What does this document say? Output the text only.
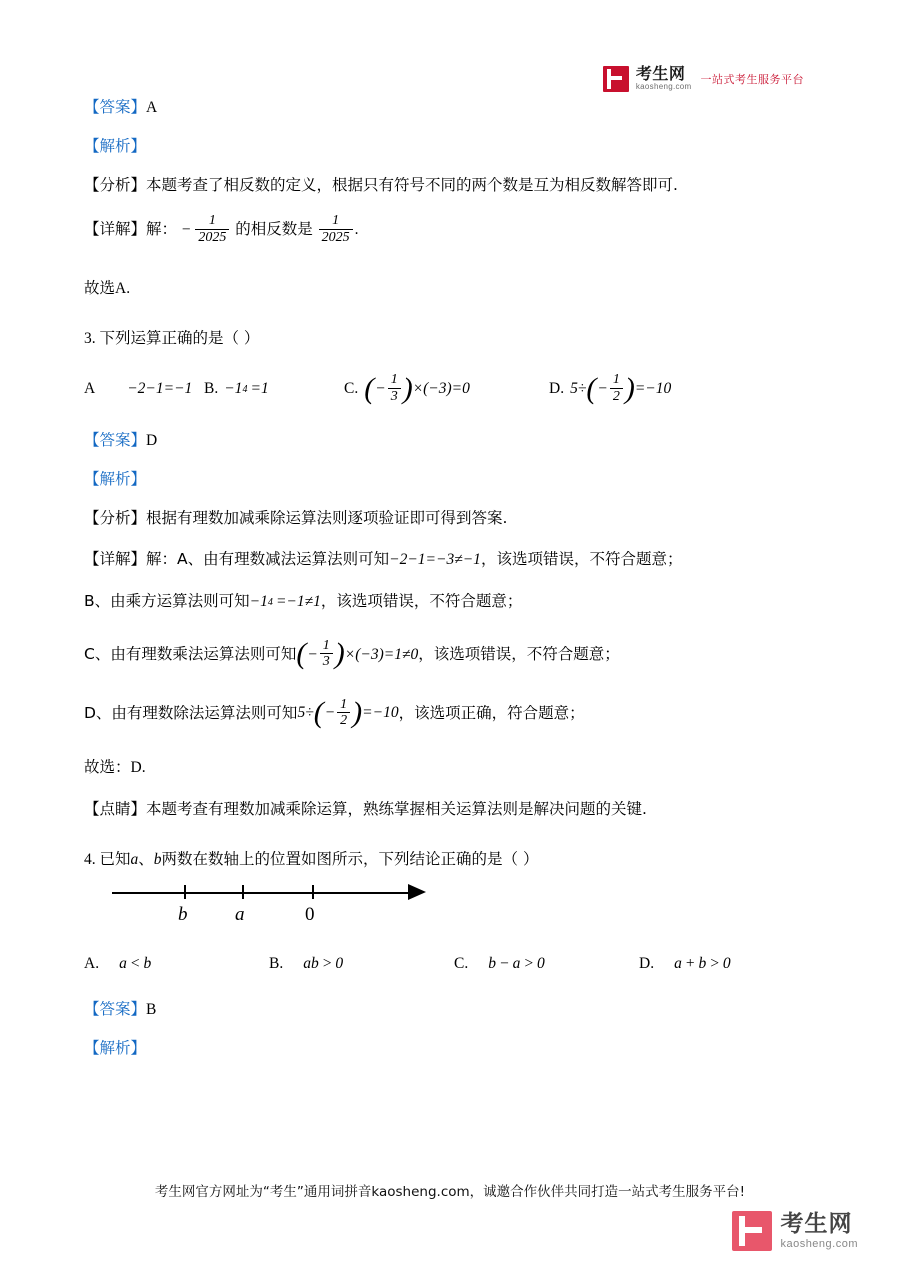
考生网
kaosheng.com
一站式考生服务平台

【答案】A

【解析】

【分析】本题考查了相反数的定义，根据只有符号不同的两个数是互为相反数解答即可.

【详解】解： − $\frac{1}{2025}$ 的相反数是 $\frac{1}{2025}$ .

故选A.

3. 下列运算正确的是（ ）

A −2−1=−1 B. −1 4  =1	C. ( − $\frac{1}{3}$ ) ×(−3)=0	D. 5÷ ( − $\frac{1}{2}$ ) =−10

【答案】D

【解析】

【分析】根据有理数加减乘除运算法则逐项验证即可得到答案.

【详解】解：A、由有理数减法运算法则可知−2−1=−3≠−1，该选项错误，不符合题意；

B、由乘方运算法则可知−1 4  =−1≠1，该选项错误，不符合题意；

C、由有理数乘法运算法则可知 ( − $\frac{1}{3}$ ) ×(−3)=1≠0 ，该选项错误，不符合题意；

D、由有理数除法运算法则可知 5÷ ( − $\frac{1}{2}$ ) =−10 ，该选项正确，符合题意；

故选：D.

【点睛】本题考查有理数加减乘除运算，熟练掌握相关运算法则是解决问题的关键.

4. 已知a、b两数在数轴上的位置如图所示，下列结论正确的是（ ）

b	a	0
A. a < b	B. ab > 0	C. b − a > 0	D. a + b > 0

【答案】B

【解析】

考生网官方网址为“考生”通用词拼音kaosheng.com，诚邀合作伙伴共同打造一站式考生服务平台!
考生网
kaosheng.com
